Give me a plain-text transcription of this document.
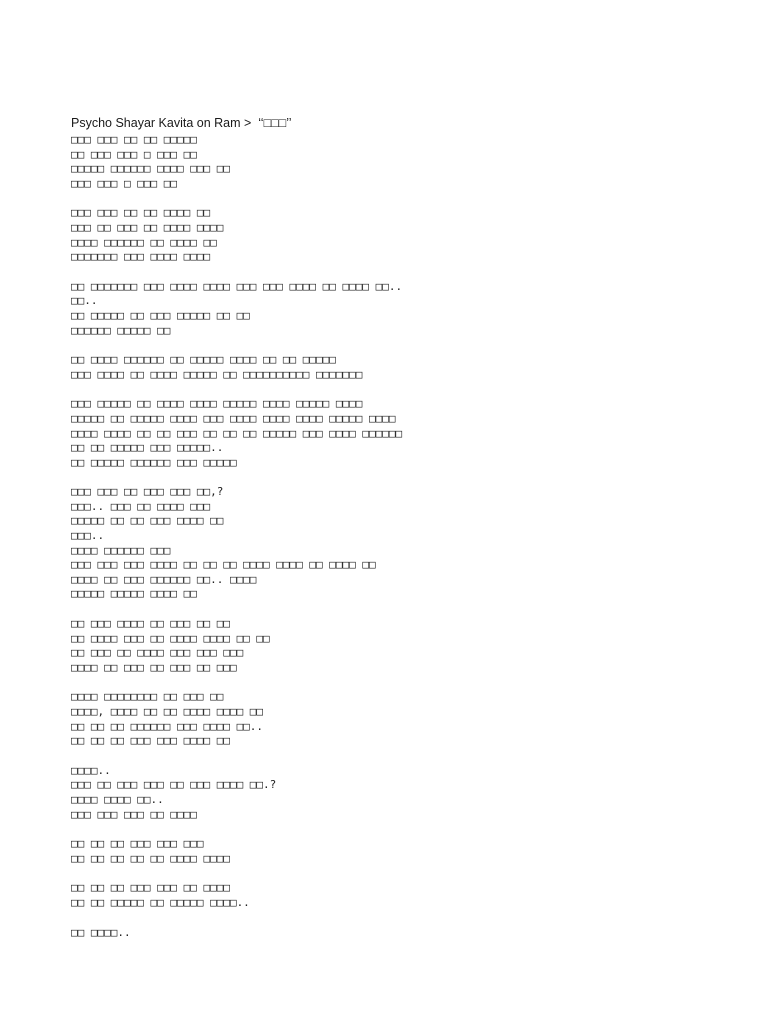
Psycho Shayar Kavita on Ram >  ‘‘□□□’’
□□□ □□□ □□ □□ □□□□□
□□ □□□ □□□ □ □□□ □□
□□□□□ □□□□□□ □□□□ □□□ □□
□□□ □□□ □ □□□ □□
□□□ □□□ □□ □□ □□□□ □□
□□□ □□ □□□ □□ □□□□ □□□□
□□□□ □□□□□□ □□ □□□□ □□
□□□□□□□ □□□ □□□□ □□□□
□□ □□□□□□□ □□□ □□□□ □□□□ □□□ □□□ □□□□ □□ □□□□ □□..
□□..
□□ □□□□□ □□ □□□ □□□□□ □□ □□
□□□□□□ □□□□□ □□
□□ □□□□ □□□□□□ □□ □□□□□ □□□□ □□ □□ □□□□□
□□□ □□□□ □□ □□□□ □□□□□ □□ □□□□□□□□□□ □□□□□□□
□□□ □□□□□ □□ □□□□ □□□□ □□□□□ □□□□ □□□□□ □□□□
□□□□□ □□ □□□□□ □□□□ □□□ □□□□ □□□□ □□□□ □□□□□ □□□□
□□□□ □□□□ □□ □□ □□□ □□ □□ □□ □□□□□ □□□ □□□□ □□□□□□
□□ □□ □□□□□ □□□ □□□□□..
□□ □□□□□ □□□□□□ □□□ □□□□□
□□□ □□□ □□ □□□ □□□ □□,?
□□□.. □□□ □□ □□□□ □□□
□□□□□ □□ □□ □□□ □□□□ □□
□□□..
□□□□ □□□□□□ □□□
□□□ □□□ □□□ □□□□ □□ □□ □□ □□□□ □□□□ □□ □□□□ □□
□□□□ □□ □□□ □□□□□□ □□.. □□□□
□□□□□ □□□□□ □□□□ □□
□□ □□□ □□□□ □□ □□□ □□ □□
□□ □□□□ □□□ □□ □□□□ □□□□ □□ □□
□□ □□□ □□ □□□□ □□□ □□□ □□□
□□□□ □□ □□□ □□ □□□ □□ □□□
□□□□ □□□□□□□□ □□ □□□ □□
□□□□, □□□□ □□ □□ □□□□ □□□□ □□
□□ □□ □□ □□□□□□ □□□ □□□□ □□..
□□ □□ □□ □□□ □□□ □□□□ □□
□□□□..
□□□ □□ □□□ □□□ □□ □□□ □□□□ □□.?
□□□□ □□□□ □□..
□□□ □□□ □□□ □□ □□□□
□□ □□ □□ □□□ □□□ □□□
□□ □□ □□ □□ □□ □□□□ □□□□
□□ □□ □□ □□□ □□□ □□ □□□□
□□ □□ □□□□□ □□ □□□□□ □□□□..
□□ □□□□..
